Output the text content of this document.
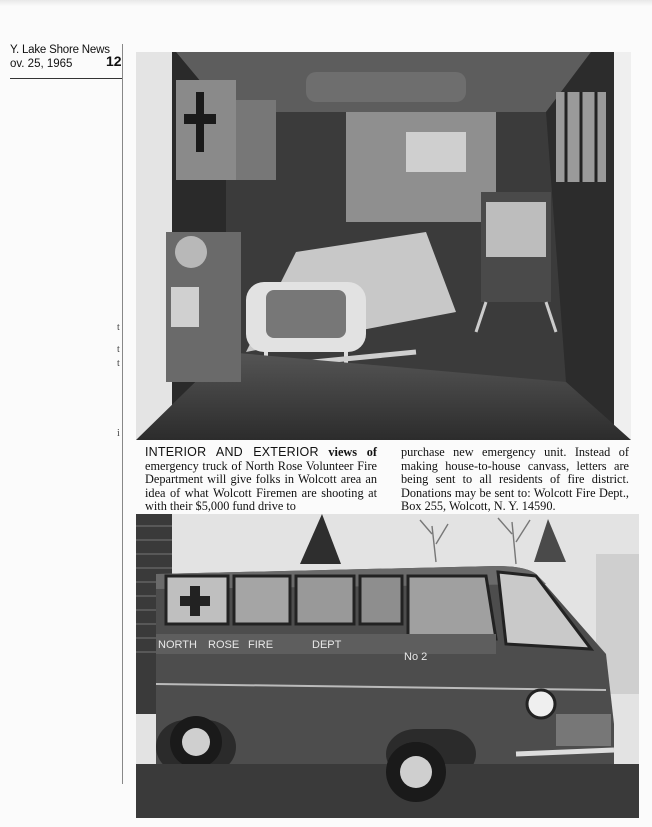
Y. Lake Shore News
ov. 25, 1965	12
t
t
t
i
INTERIOR AND EXTERIOR views of emergency truck of North Rose Volunteer Fire Department will give folks in Wolcott area an idea of what Wolcott Firemen are shooting at with their $5,000 fund drive to
purchase new emergency unit. Instead of making house-to-house canvass, letters are being sent to all residents of fire district. Donations may be sent to: Wolcott Fire Dept., Box 255, Wolcott, N. Y. 14590.
NORTH ROSE FIRE	DEPT
No 2
